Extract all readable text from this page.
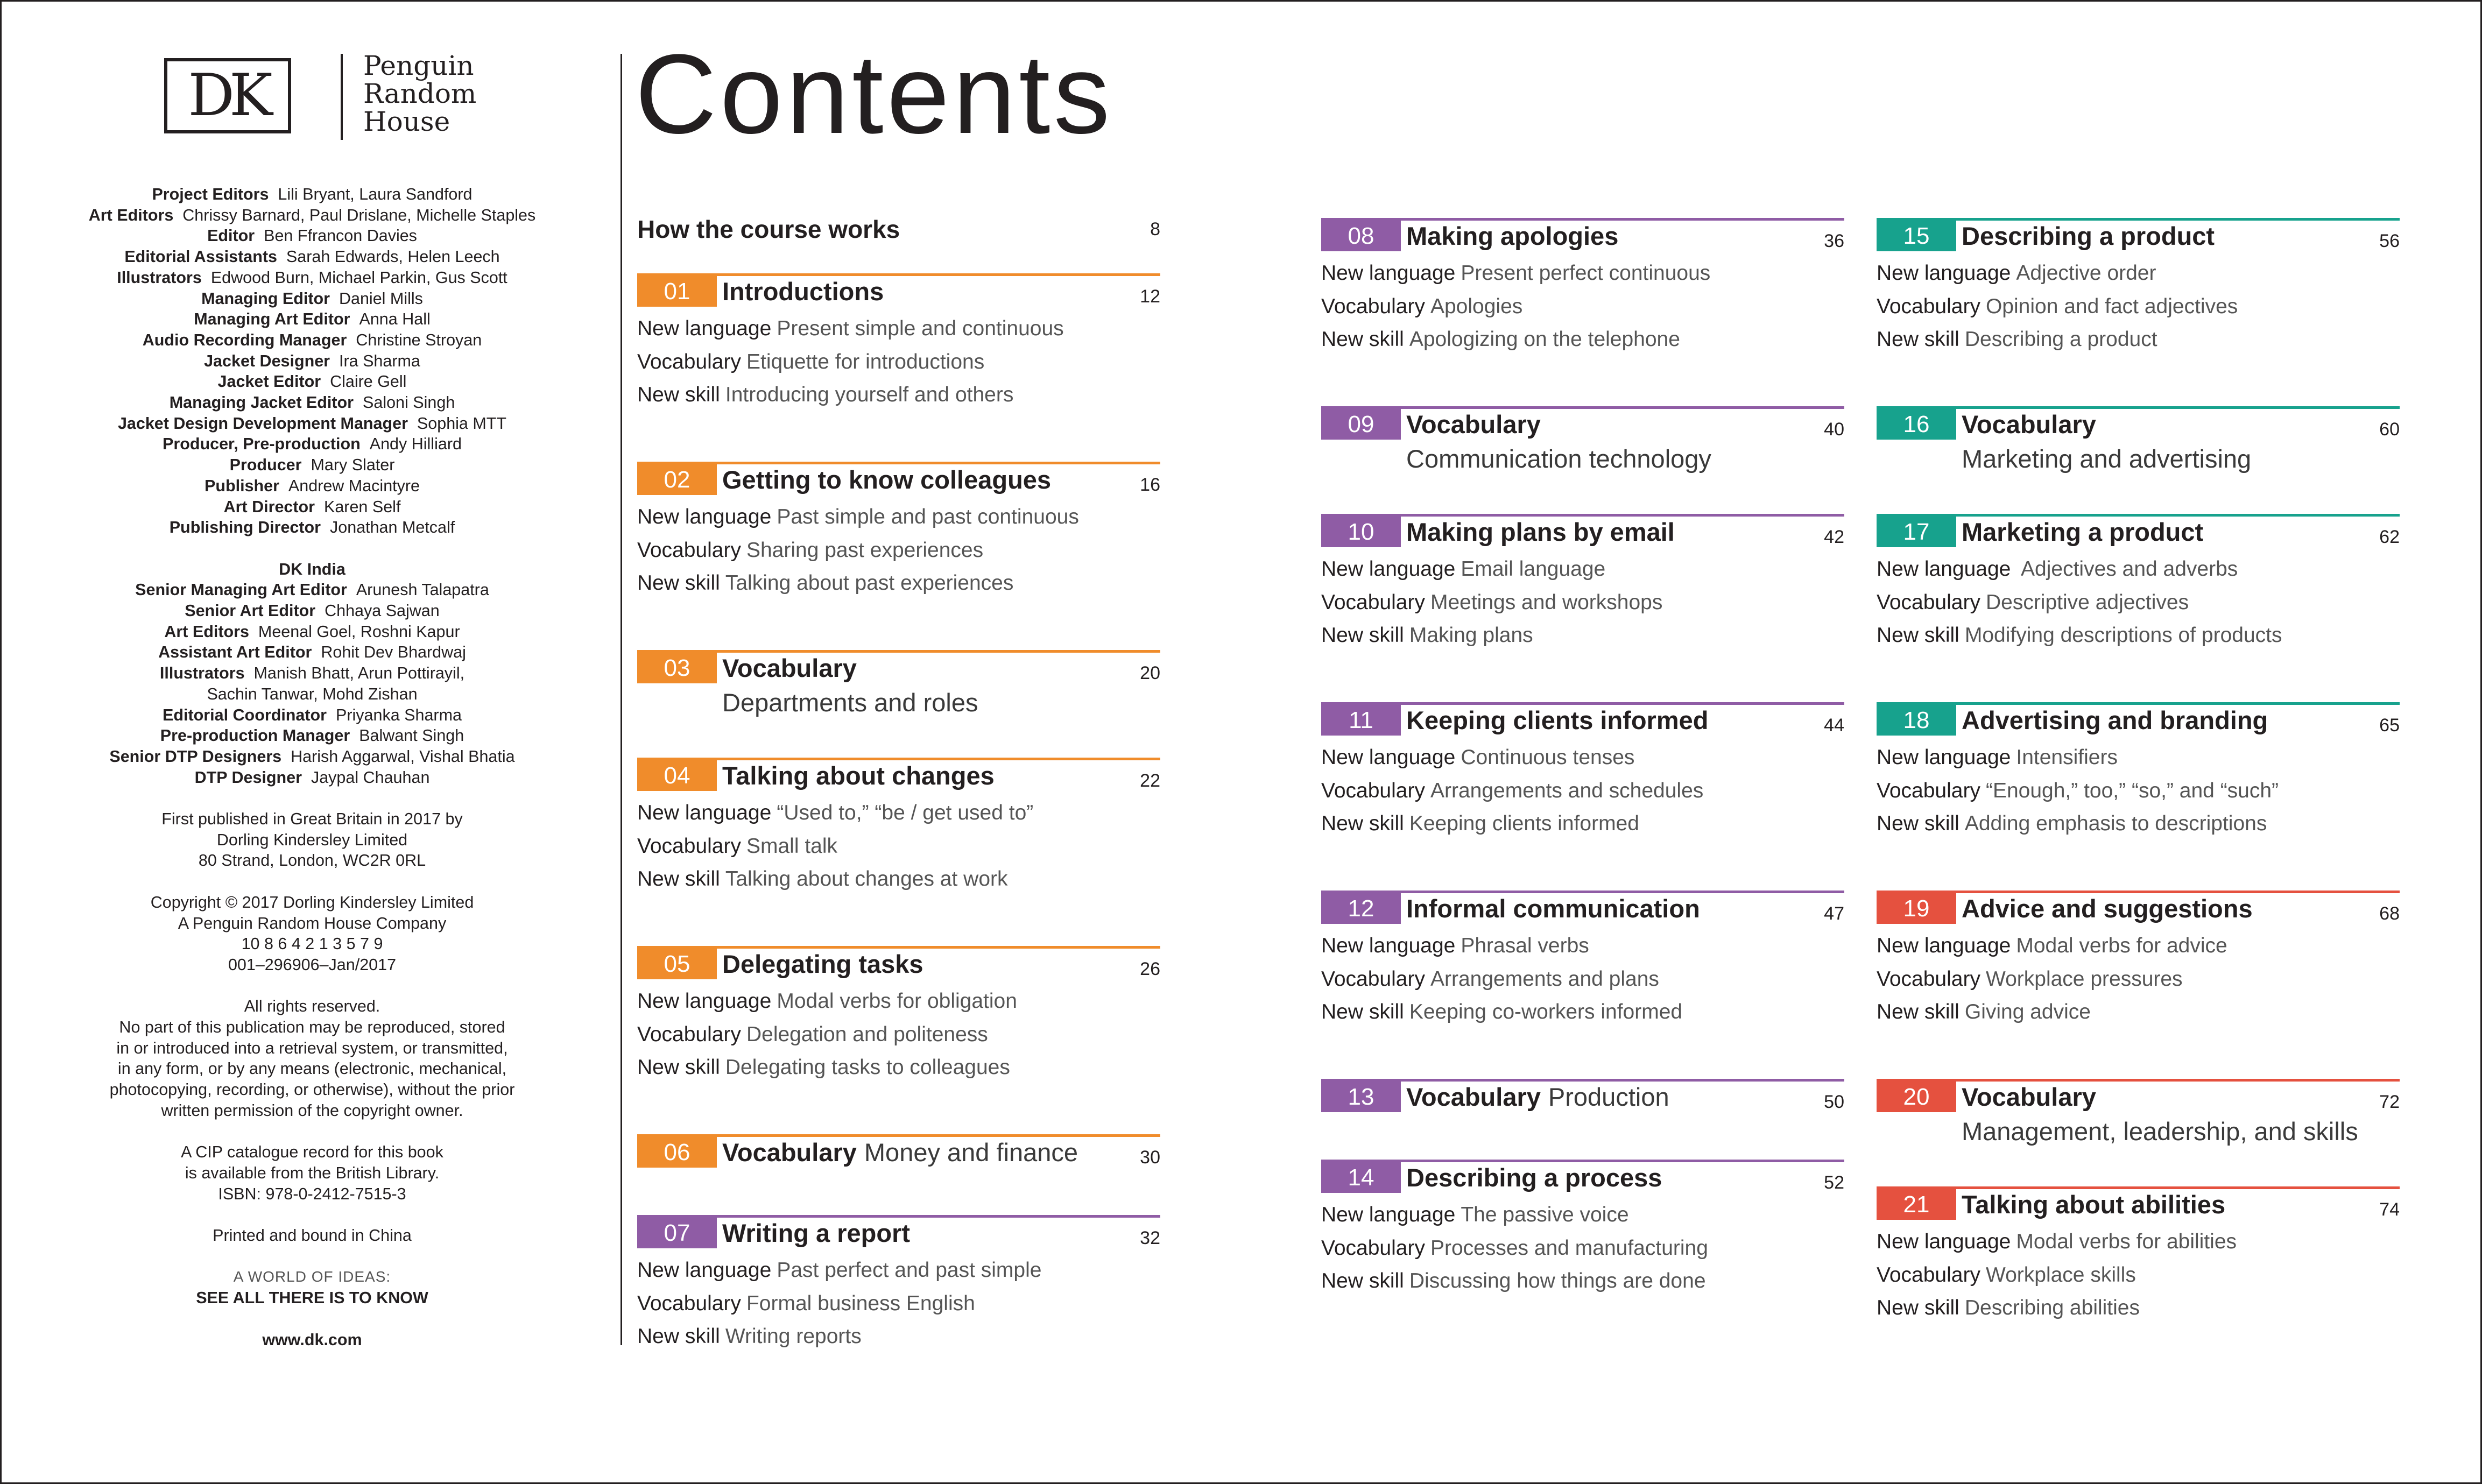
DK	Penguin
Random
House
Project Editors Lili Bryant, Laura Sandford
Art Editors Chrissy Barnard, Paul Drislane, Michelle Staples
Editor Ben Ffrancon Davies
Editorial Assistants Sarah Edwards, Helen Leech
Illustrators Edwood Burn, Michael Parkin, Gus Scott
Managing Editor Daniel Mills
Managing Art Editor Anna Hall
Audio Recording Manager Christine Stroyan
Jacket Designer Ira Sharma
Jacket Editor Claire Gell
Managing Jacket Editor Saloni Singh
Jacket Design Development Manager Sophia MTT
Producer, Pre-production Andy Hilliard
Producer Mary Slater
Publisher Andrew Macintyre
Art Director Karen Self
Publishing Director Jonathan Metcalf
DK India
Senior Managing Art Editor Arunesh Talapatra
Senior Art Editor Chhaya Sajwan
Art Editors Meenal Goel, Roshni Kapur
Assistant Art Editor Rohit Dev Bhardwaj
Illustrators Manish Bhatt, Arun Pottirayil,
Sachin Tanwar, Mohd Zishan
Editorial Coordinator Priyanka Sharma
Pre-production Manager Balwant Singh
Senior DTP Designers Harish Aggarwal, Vishal Bhatia
DTP Designer Jaypal Chauhan
First published in Great Britain in 2017 by
Dorling Kindersley Limited
80 Strand, London, WC2R 0RL
Copyright © 2017 Dorling Kindersley Limited
A Penguin Random House Company
10 8 6 4 2 1 3 5 7 9
001–296906–Jan/2017
All rights reserved.
No part of this publication may be reproduced, stored
in or introduced into a retrieval system, or transmitted,
in any form, or by any means (electronic, mechanical,
photocopying, recording, or otherwise), without the prior
written permission of the copyright owner.
A CIP catalogue record for this book
is available from the British Library.
ISBN: 978-0-2412-7515-3
Printed and bound in China
A WORLD OF IDEAS:
SEE ALL THERE IS TO KNOW
www.dk.com
Contents
How the course works	8
01	Introductions	12
New language Present simple and continuous
Vocabulary Etiquette for introductions
New skill Introducing yourself and others
02	Getting to know colleagues	16
New language Past simple and past continuous
Vocabulary Sharing past experiences
New skill Talking about past experiences
03	Vocabulary	20
Departments and roles
04	Talking about changes	22
New language “Used to,” “be / get used to”
Vocabulary Small talk
New skill Talking about changes at work
05	Delegating tasks	26
New language Modal verbs for obligation
Vocabulary Delegation and politeness
New skill Delegating tasks to colleagues
06	Vocabulary Money and finance	30
07	Writing a report	32
New language Past perfect and past simple
Vocabulary Formal business English
New skill Writing reports
08	Making apologies	36
New language Present perfect continuous
Vocabulary Apologies
New skill Apologizing on the telephone
09	Vocabulary	40
Communication technology
10	Making plans by email	42
New language Email language
Vocabulary Meetings and workshops
New skill Making plans
11	Keeping clients informed	44
New language Continuous tenses
Vocabulary Arrangements and schedules
New skill Keeping clients informed
12	Informal communication	47
New language Phrasal verbs
Vocabulary Arrangements and plans
New skill Keeping co-workers informed
13	Vocabulary Production	50
14	Describing a process	52
New language The passive voice
Vocabulary Processes and manufacturing
New skill Discussing how things are done
15	Describing a product	56
New language Adjective order
Vocabulary Opinion and fact adjectives
New skill Describing a product
16	Vocabulary	60
Marketing and advertising
17	Marketing a product	62
New language Adjectives and adverbs
Vocabulary Descriptive adjectives
New skill Modifying descriptions of products
18	Advertising and branding	65
New language Intensifiers
Vocabulary “Enough,” too,” “so,” and “such”
New skill Adding emphasis to descriptions
19	Advice and suggestions	68
New language Modal verbs for advice
Vocabulary Workplace pressures
New skill Giving advice
20	Vocabulary	72
Management, leadership, and skills
21	Talking about abilities	74
New language Modal verbs for abilities
Vocabulary Workplace skills
New skill Describing abilities
